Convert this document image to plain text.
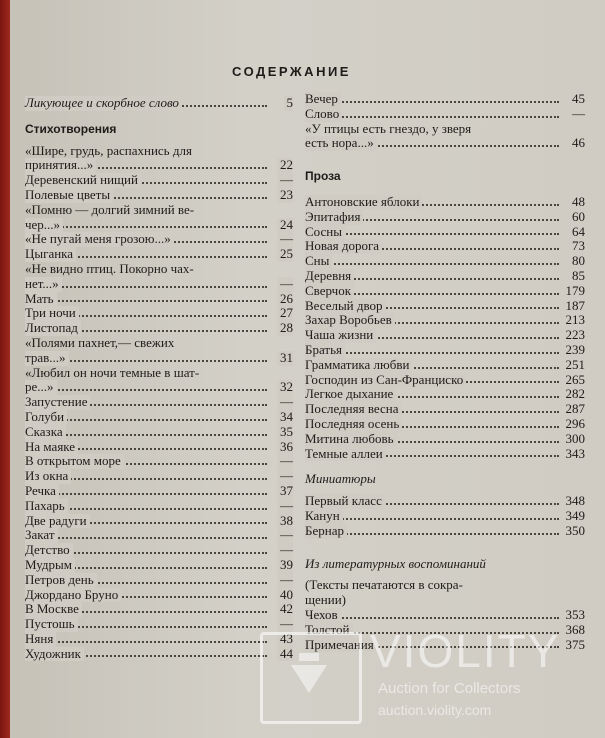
СОДЕРЖАНИЕ
Ликующее и скорбное слово	5
Стихотворения
«Шире, грудь, распахнись для
принятия...»	22
Деревенский нищий	—
Полевые цветы	23
«Помню — долгий зимний ве-
чер...»	24
«Не пугай меня грозою...»	—
Цыганка	25
«Не видно птиц. Покорно чах-
нет...»	—
Мать	26
Три ночи	27
Листопад	28
«Полями пахнет,— свежих
трав...»	31
«Любил он ночи темные в шат-
ре...»	32
Запустение	—
Голуби	34
Сказка	35
На маяке	36
В открытом море	—
Из окна	—
Речка	37
Пахарь	—
Две радуги	38
Закат	—
Детство	—
Мудрым	39
Петров день	—
Джордано Бруно	40
В Москве	42
Пустошь	—
Няня	43
Художник	44
Вечер	45
Слово	—
«У птицы есть гнездо, у зверя
есть нора...»	46
Проза
Антоновские яблоки	48
Эпитафия	60
Сосны	64
Новая дорога	73
Сны	80
Деревня	85
Сверчок	179
Веселый двор	187
Захар Воробьев	213
Чаша жизни	223
Братья	239
Грамматика любви	251
Господин из Сан-Франциско	265
Легкое дыхание	282
Последняя весна	287
Последняя осень	296
Митина любовь	300
Темные аллеи	343
Миниатюры
Первый класс	348
Канун	349
Бернар	350
Из литературных воспоминаний
(Тексты печатаются в сокра-
щении)
Чехов	353
Толстой	368
Примечания	375
VIOLITY
Auction for Collectors
auction.violity.com
